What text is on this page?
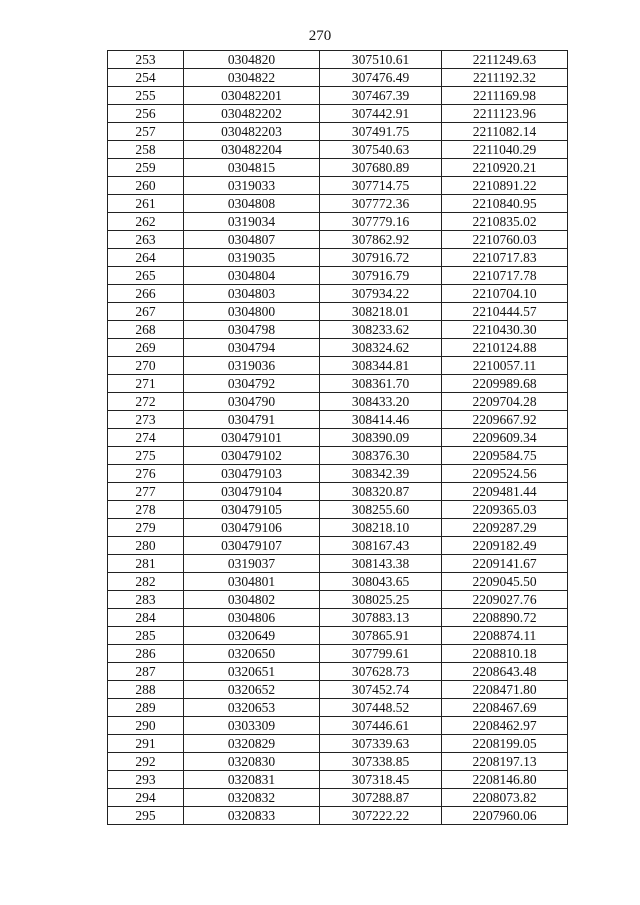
270
253	0304820	307510.61	2211249.63
254	0304822	307476.49	2211192.32
255	030482201	307467.39	2211169.98
256	030482202	307442.91	2211123.96
257	030482203	307491.75	2211082.14
258	030482204	307540.63	2211040.29
259	0304815	307680.89	2210920.21
260	0319033	307714.75	2210891.22
261	0304808	307772.36	2210840.95
262	0319034	307779.16	2210835.02
263	0304807	307862.92	2210760.03
264	0319035	307916.72	2210717.83
265	0304804	307916.79	2210717.78
266	0304803	307934.22	2210704.10
267	0304800	308218.01	2210444.57
268	0304798	308233.62	2210430.30
269	0304794	308324.62	2210124.88
270	0319036	308344.81	2210057.11
271	0304792	308361.70	2209989.68
272	0304790	308433.20	2209704.28
273	0304791	308414.46	2209667.92
274	030479101	308390.09	2209609.34
275	030479102	308376.30	2209584.75
276	030479103	308342.39	2209524.56
277	030479104	308320.87	2209481.44
278	030479105	308255.60	2209365.03
279	030479106	308218.10	2209287.29
280	030479107	308167.43	2209182.49
281	0319037	308143.38	2209141.67
282	0304801	308043.65	2209045.50
283	0304802	308025.25	2209027.76
284	0304806	307883.13	2208890.72
285	0320649	307865.91	2208874.11
286	0320650	307799.61	2208810.18
287	0320651	307628.73	2208643.48
288	0320652	307452.74	2208471.80
289	0320653	307448.52	2208467.69
290	0303309	307446.61	2208462.97
291	0320829	307339.63	2208199.05
292	0320830	307338.85	2208197.13
293	0320831	307318.45	2208146.80
294	0320832	307288.87	2208073.82
295	0320833	307222.22	2207960.06
